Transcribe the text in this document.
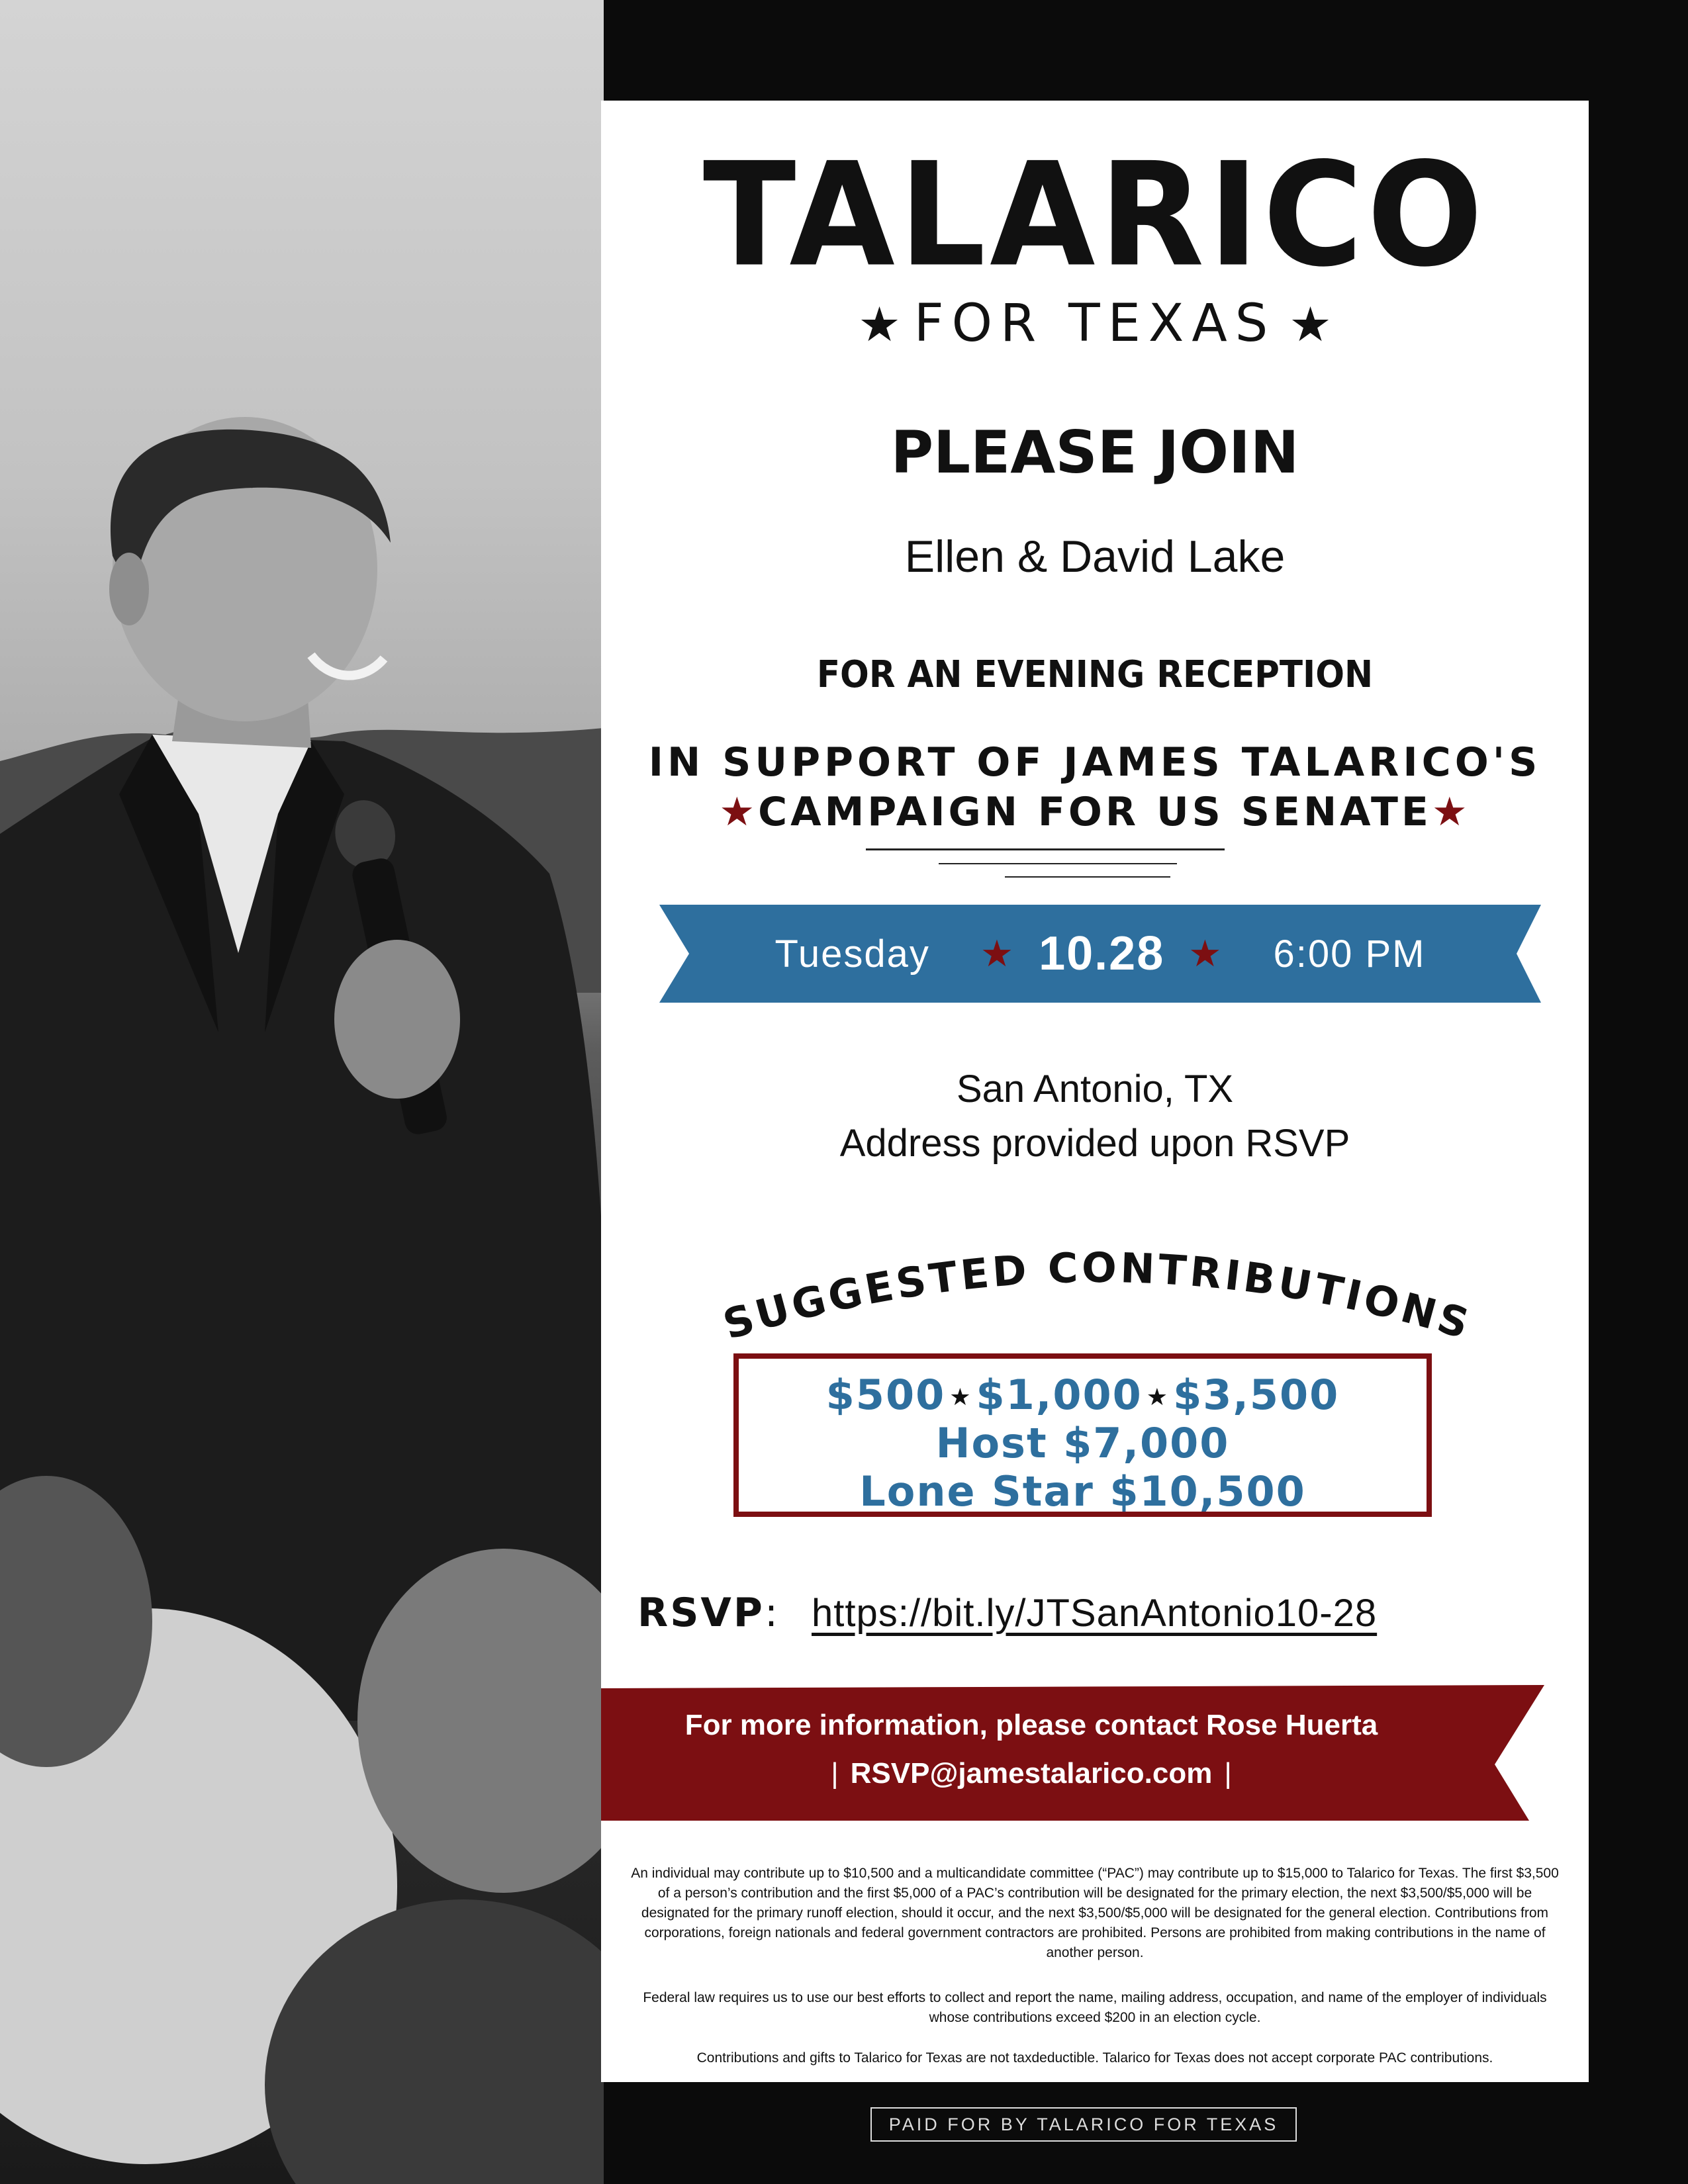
TALARICO
★ FOR TEXAS ★
PLEASE JOIN
Ellen & David Lake
FOR AN EVENING RECEPTION
IN SUPPORT OF JAMES TALARICO'S
★CAMPAIGN FOR US SENATE★
Tuesday ★ 10.28 ★ 6:00 PM
San Antonio, TX
Address provided upon RSVP
SUGGESTED CONTRIBUTIONS
$500 ★$1,000 ★$3,500
Host $7,000
Lone Star $10,500
RSVP: https://bit.ly/JTSanAntonio10-28
For more information, please contact Rose Huerta
| RSVP@jamestalarico.com |
An individual may contribute up to $10,500 and a multicandidate committee (“PAC”) may contribute up to $15,000 to Talarico for Texas. The first $3,500 of a person’s contribution and the first $5,000 of a PAC’s contribution will be designated for the primary election, the next $3,500/$5,000 will be designated for the primary runoff election, should it occur, and the next $3,500/$5,000 will be designated for the general election. Contributions from corporations, foreign nationals and federal government contractors are prohibited. Persons are prohibited from making contributions in the name of another person.
Federal law requires us to use our best efforts to collect and report the name, mailing address, occupation, and name of the employer of individuals whose contributions exceed $200 in an election cycle.
Contributions and gifts to Talarico for Texas are not taxdeductible. Talarico for Texas does not accept corporate PAC contributions.
PAID FOR BY TALARICO FOR TEXAS
